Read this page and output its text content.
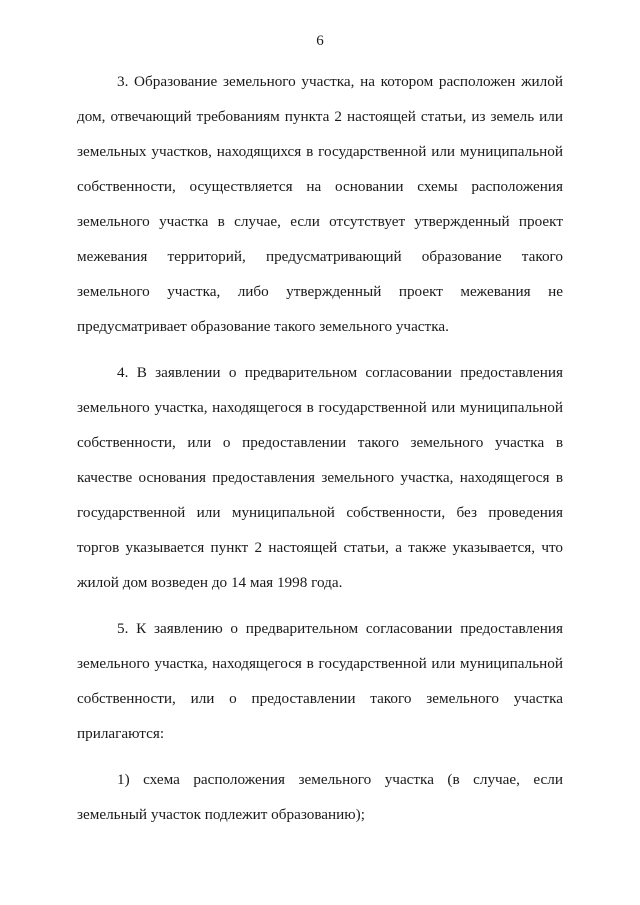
6

3. Образование земельного участка, на котором расположен жилой дом, отвечающий требованиям пункта 2 настоящей статьи, из земель или земельных участков, находящихся в государственной или муниципальной собственности, осуществляется на основании схемы расположения земельного участка в случае, если отсутствует утвержденный проект межевания территорий, предусматривающий образование такого земельного участка, либо утвержденный проект межевания не предусматривает образование такого земельного участка.

4. В заявлении о предварительном согласовании предоставления земельного участка, находящегося в государственной или муниципальной собственности, или о предоставлении такого земельного участка в качестве основания предоставления земельного участка, находящегося в государственной или муниципальной собственности, без проведения торгов указывается пункт 2 настоящей статьи, а также указывается, что жилой дом возведен до 14 мая 1998 года.

5. К заявлению о предварительном согласовании предоставления земельного участка, находящегося в государственной или муниципальной собственности, или о предоставлении такого земельного участка прилагаются:

1) схема расположения земельного участка (в случае, если земельный участок подлежит образованию);
